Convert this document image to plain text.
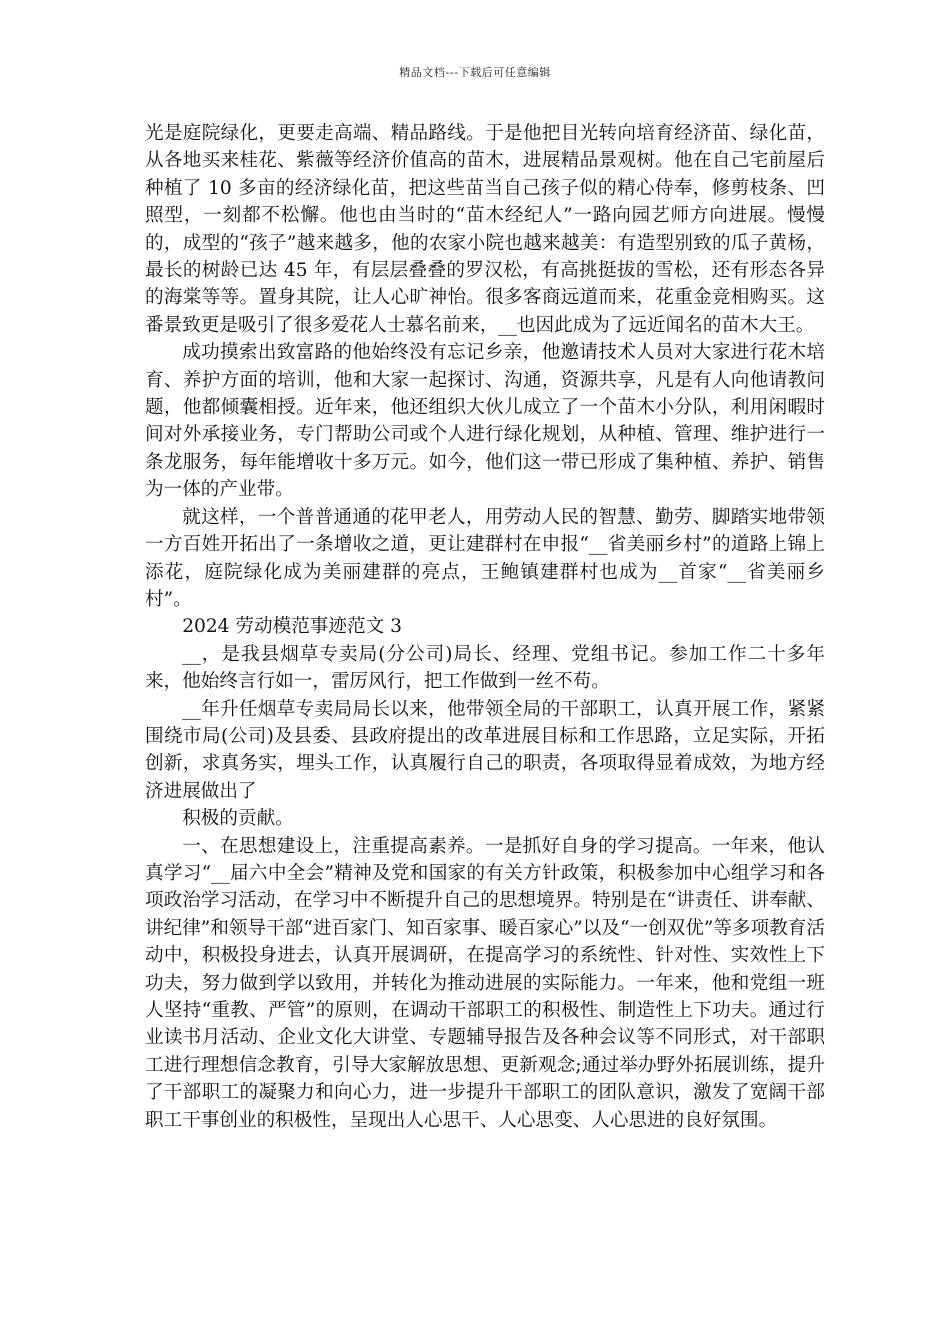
精品文档---下载后可任意编辑

光是庭院绿化，更要走高端、精品路线。于是他把目光转向培育经济苗、绿化苗，从各地买来桂花、紫薇等经济价值高的苗木，进展精品景观树。他在自己宅前屋后种植了 10 多亩的经济绿化苗，把这些苗当自己孩子似的精心侍奉，修剪枝条、凹照型，一刻都不松懈。他也由当时的“苗木经纪人”一路向园艺师方向进展。慢慢的，成型的“孩子”越来越多，他的农家小院也越来越美：有造型别致的瓜子黄杨，最长的树龄已达 45 年，有层层叠叠的罗汉松，有高挑挺拔的雪松，还有形态各异的海棠等等。置身其院，让人心旷神怡。很多客商远道而来，花重金竞相购买。这番景致更是吸引了很多爱花人士慕名前来，__也因此成为了远近闻名的苗木大王。

成功摸索出致富路的他始终没有忘记乡亲，他邀请技术人员对大家进行花木培育、养护方面的培训，他和大家一起探讨、沟通，资源共享，凡是有人向他请教问题，他都倾囊相授。近年来，他还组织大伙儿成立了一个苗木小分队，利用闲暇时间对外承接业务，专门帮助公司或个人进行绿化规划，从种植、管理、维护进行一条龙服务，每年能增收十多万元。如今，他们这一带已形成了集种植、养护、销售为一体的产业带。

就这样，一个普普通通的花甲老人，用劳动人民的智慧、勤劳、脚踏实地带领一方百姓开拓出了一条增收之道，更让建群村在申报“__省美丽乡村”的道路上锦上添花，庭院绿化成为美丽建群的亮点，王鲍镇建群村也成为__首家“__省美丽乡村”。

2024 劳动模范事迹范文 3

__，是我县烟草专卖局(分公司)局长、经理、党组书记。参加工作二十多年来，他始终言行如一，雷厉风行，把工作做到一丝不苟。

__年升任烟草专卖局局长以来，他带领全局的干部职工，认真开展工作，紧紧围绕市局(公司)及县委、县政府提出的改革进展目标和工作思路，立足实际，开拓创新，求真务实，埋头工作，认真履行自己的职责，各项取得显着成效，为地方经济进展做出了

积极的贡献。

一、在思想建设上，注重提高素养。一是抓好自身的学习提高。一年来，他认真学习“__届六中全会”精神及党和国家的有关方针政策，积极参加中心组学习和各项政治学习活动，在学习中不断提升自己的思想境界。特别是在“讲责任、讲奉献、讲纪律”和领导干部“进百家门、知百家事、暖百家心”以及“一创双优”等多项教育活动中，积极投身进去，认真开展调研，在提高学习的系统性、针对性、实效性上下功夫，努力做到学以致用，并转化为推动进展的实际能力。一年来，他和党组一班人坚持“重教、严管”的原则，在调动干部职工的积极性、制造性上下功夫。通过行业读书月活动、企业文化大讲堂、专题辅导报告及各种会议等不同形式，对干部职工进行理想信念教育，引导大家解放思想、更新观念;通过举办野外拓展训练，提升了干部职工的凝聚力和向心力，进一步提升干部职工的团队意识，激发了宽阔干部职工干事创业的积极性，呈现出人心思干、人心思变、人心思进的良好氛围。
